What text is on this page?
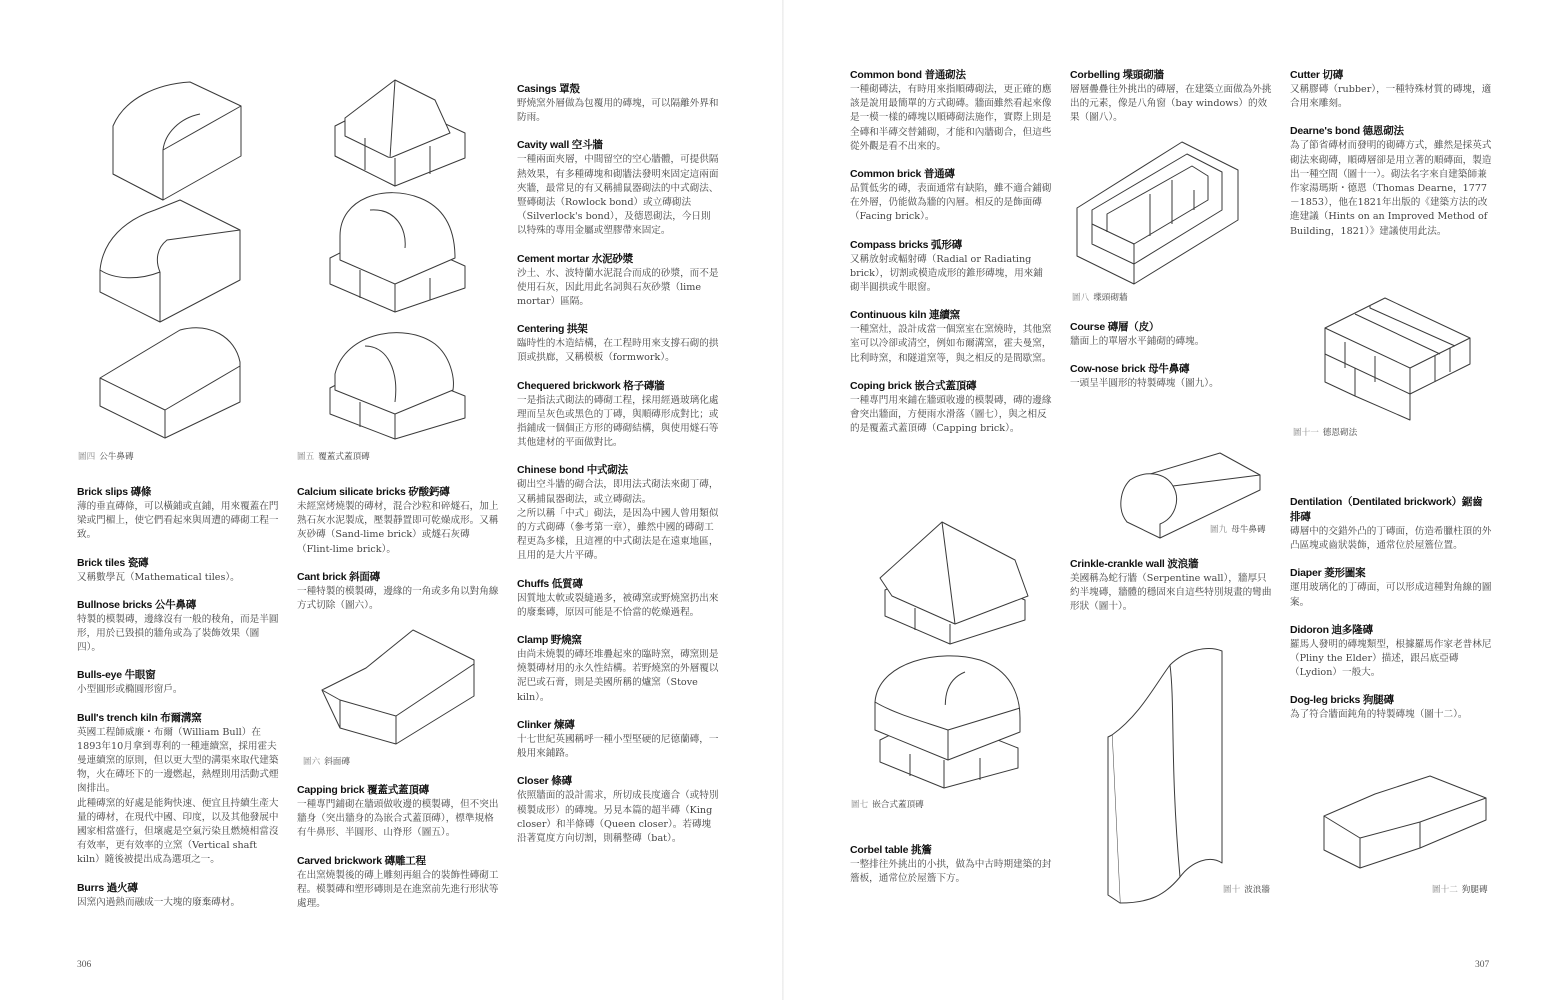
圖四 公牛鼻磚	圖五 覆蓋式蓋頂磚
圖六 斜面磚
圖七 嵌合式蓋頂磚
圖八 堞頭砌牆
圖九 母牛鼻磚
圖十 波浪牆
圖十一 德恩砌法
圖十二 狗腿磚
Brick slips 磚條

薄的垂直磚條，可以橫鋪或直鋪，用來覆蓋在門梁或門楣上，使它們看起來與周遭的磚砌工程一致。

Brick tiles 瓷磚

又稱數學瓦（Mathematical tiles）。

Bullnose bricks 公牛鼻磚

特製的模製磚，邊緣沒有一般的稜角，而是半圓形，用於已毀損的牆角或為了裝飾效果（圖四）。

Bulls-eye 牛眼窗

小型圓形或橢圓形窗戶。

Bull's trench kiln 布爾溝窯

英國工程師威廉・布爾（William Bull）在1893年10月拿到專利的一種連續窯，採用霍夫曼連續窯的原則，但以更大型的溝渠來取代建築物，火在磚坯下的一邊燃起，熱煙則用活動式煙囪排出。

此種磚窯的好處是能夠快速、便宜且持續生產大量的磚材，在現代中國、印度，以及其他發展中國家相當盛行，但壞處是空氣污染且燃燒相當沒有效率，更有效率的立窯（Vertical shaft kiln）隨後被提出成為選項之一。

Burrs 過火磚

因窯內過熱而融成一大塊的廢棄磚材。

Calcium silicate bricks 矽酸鈣磚

未經窯烤燒製的磚材，混合沙粒和碎燧石，加上熟石灰水泥製成，壓製靜置即可乾燥成形。又稱灰砂磚（Sand-lime brick）或燧石灰磚（Flint-lime brick）。

Cant brick 斜面磚

一種特製的模製磚，邊緣的一角或多角以對角線方式切除（圖六）。

Capping brick 覆蓋式蓋頂磚

一種專門鋪砌在牆頭做收邊的模製磚，但不突出牆身（突出牆身的為嵌合式蓋頂磚），標準規格有牛鼻形、半圓形、山脊形（圖五）。

Carved brickwork 磚雕工程

在出窯燒製後的磚上雕刻再組合的裝飾性磚砌工程。模製磚和塑形磚則是在進窯前先進行形狀等處理。

Casings 罩殼

野燒窯外層做為包覆用的磚塊，可以隔離外界和防雨。

Cavity wall 空斗牆

一種兩面夾層，中間留空的空心牆體，可提供隔熱效果，有多種磚塊和砌牆法發明來固定這兩面夾牆，最常見的有又稱捕鼠器砌法的中式砌法、豎磚砌法（Rowlock bond）或立磚砌法（Silverlock's bond），及德恩砌法，今日則以特殊的專用金屬或塑膠帶來固定。

Cement mortar 水泥砂漿

沙土、水、波特蘭水泥混合而成的砂漿，而不是使用石灰，因此用此名詞與石灰砂漿（lime mortar）區隔。

Centering 拱架

臨時性的木造結構，在工程時用來支撐石砌的拱頂或拱廊，又稱模板（formwork）。

Chequered brickwork 格子磚牆

一是指法式砌法的磚砌工程，採用經過玻璃化處理而呈灰色或黑色的丁磚，與順磚形成對比；或指鋪成一個個正方形的磚砌結構，與使用燧石等其他建材的平面做對比。

Chinese bond 中式砌法

砌出空斗牆的砌合法，即用法式砌法來砌丁磚，又稱捕鼠器砌法，或立磚砌法。

之所以稱「中式」砌法，是因為中國人曾用類似的方式砌磚（參考第一章），雖然中國的磚砌工程更為多樣，且這裡的中式砌法是在遠東地區，且用的是大片平磚。

Chuffs 低質磚

因質地太軟或裂縫過多，被磚窯或野燒窯扔出來的廢棄磚，原因可能是不恰當的乾燥過程。

Clamp 野燒窯

由尚未燒製的磚坯堆疊起來的臨時窯，磚窯則是燒製磚材用的永久性結構。若野燒窯的外層覆以泥巴或石膏，則是美國所稱的爐窯（Stove kiln）。

Clinker 煉磚

十七世紀英國稱呼一種小型堅硬的尼德蘭磚，一般用來鋪路。

Closer 條磚

依照牆面的設計需求，所切成長度適合（或特別模製成形）的磚塊。另見本篇的超半磚（King closer）和半條磚（Queen closer）。若磚塊沿著寬度方向切割，則稱整磚（bat）。

Common bond 普通砌法

一種砌磚法，有時用來指順磚砌法，更正確的應該是說用最簡單的方式砌磚。牆面雖然看起來像是一模一樣的磚塊以順磚砌法施作，實際上則是全磚和半磚交替鋪砌，才能和內牆砌合，但這些從外觀是看不出來的。

Common brick 普通磚

品質低劣的磚，表面通常有缺陷，雖不適合鋪砌在外層，仍能做為牆的內層。相反的是飾面磚（Facing brick）。

Compass bricks 弧形磚

又稱放射或輻射磚（Radial or Radiating brick），切割或模造成形的錐形磚塊，用來鋪砌半圓拱或牛眼窗。

Continuous kiln 連續窯

一種窯灶，設計成當一個窯室在窯燒時，其他窯室可以冷卻或清空，例如布爾溝窯，霍夫曼窯，比利時窯，和隧道窯等，與之相反的是間歇窯。

Coping brick 嵌合式蓋頂磚

一種專門用來鋪在牆頭收邊的模製磚，磚的邊緣會突出牆面，方便雨水滑落（圖七），與之相反的是覆蓋式蓋頂磚（Capping brick）。

Corbel table 挑簷

一整排往外挑出的小拱，做為中古時期建築的封簷板，通常位於屋簷下方。

Corbelling 堞頭砌牆

層層疊疊往外挑出的磚層，在建築立面做為外挑出的元素，像是八角窗（bay windows）的效果（圖八）。

Course 磚層（皮）

牆面上的單層水平鋪砌的磚塊。

Cow-nose brick 母牛鼻磚

一頭呈半圓形的特製磚塊（圖九）。

Crinkle-crankle wall 波浪牆

美國稱為蛇行牆（Serpentine wall），牆厚只約半塊磚，牆體的穩固來自這些特別規畫的彎曲形狀（圖十）。

Cutter 切磚

又稱膠磚（rubber），一種特殊材質的磚塊，適合用來雕刻。

Dearne's bond 德恩砌法

為了節省磚材而發明的砌磚方式，雖然是採英式砌法來砌磚，順磚層卻是用立著的順磚面，製造出一種空間（圖十一）。砌法名字來自建築師兼作家湯瑪斯・德恩（Thomas Dearne，1777－1853），他在1821年出版的《建築方法的改進建議（Hints on an Improved Method of Building，1821）》建議使用此法。

Dentilation（Dentilated brickwork）鋸齒排磚

磚層中的交錯外凸的丁磚面，仿造希臘柱頂的外凸區塊或齒狀裝飾，通常位於屋簷位置。

Diaper 菱形圖案

運用玻璃化的丁磚面，可以形成這種對角線的圖案。

Didoron 迪多隆磚

羅馬人發明的磚塊類型，根據羅馬作家老普林尼（Pliny the Elder）描述，跟呂底亞磚（Lydion）一般大。

Dog-leg bricks 狗腿磚

為了符合牆面鈍角的特製磚塊（圖十二）。

306	307
